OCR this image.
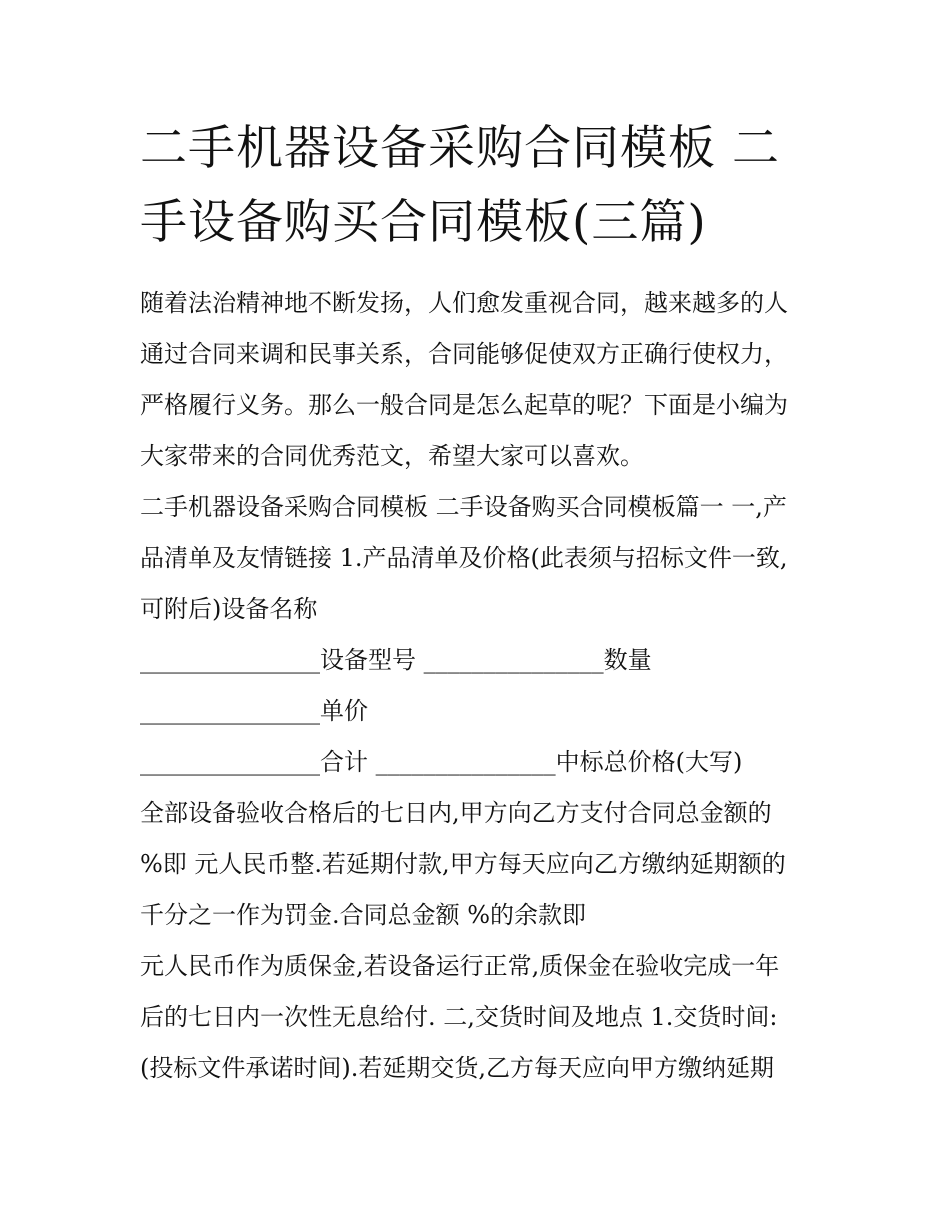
二手机器设备采购合同模板 二
手设备购买合同模板(三篇)
随着法治精神地不断发扬，人们愈发重视合同，越来越多的人
通过合同来调和民事关系，合同能够促使双方正确行使权力，
严格履行义务。那么一般合同是怎么起草的呢？下面是小编为
大家带来的合同优秀范文，希望大家可以喜欢。
二手机器设备采购合同模板 二手设备购买合同模板篇一 一,产
品清单及友情链接 1.产品清单及价格(此表须与招标文件一致,
可附后)设备名称
_______________设备型号 _______________数量
_______________单价
_______________合计 _______________中标总价格(大写)
全部设备验收合格后的七日内,甲方向乙方支付合同总金额的
%即 元人民币整.若延期付款,甲方每天应向乙方缴纳延期额的
千分之一作为罚金.合同总金额 %的余款即
元人民币作为质保金,若设备运行正常,质保金在验收完成一年
后的七日内一次性无息给付. 二,交货时间及地点 1.交货时间:
(投标文件承诺时间).若延期交货,乙方每天应向甲方缴纳延期
